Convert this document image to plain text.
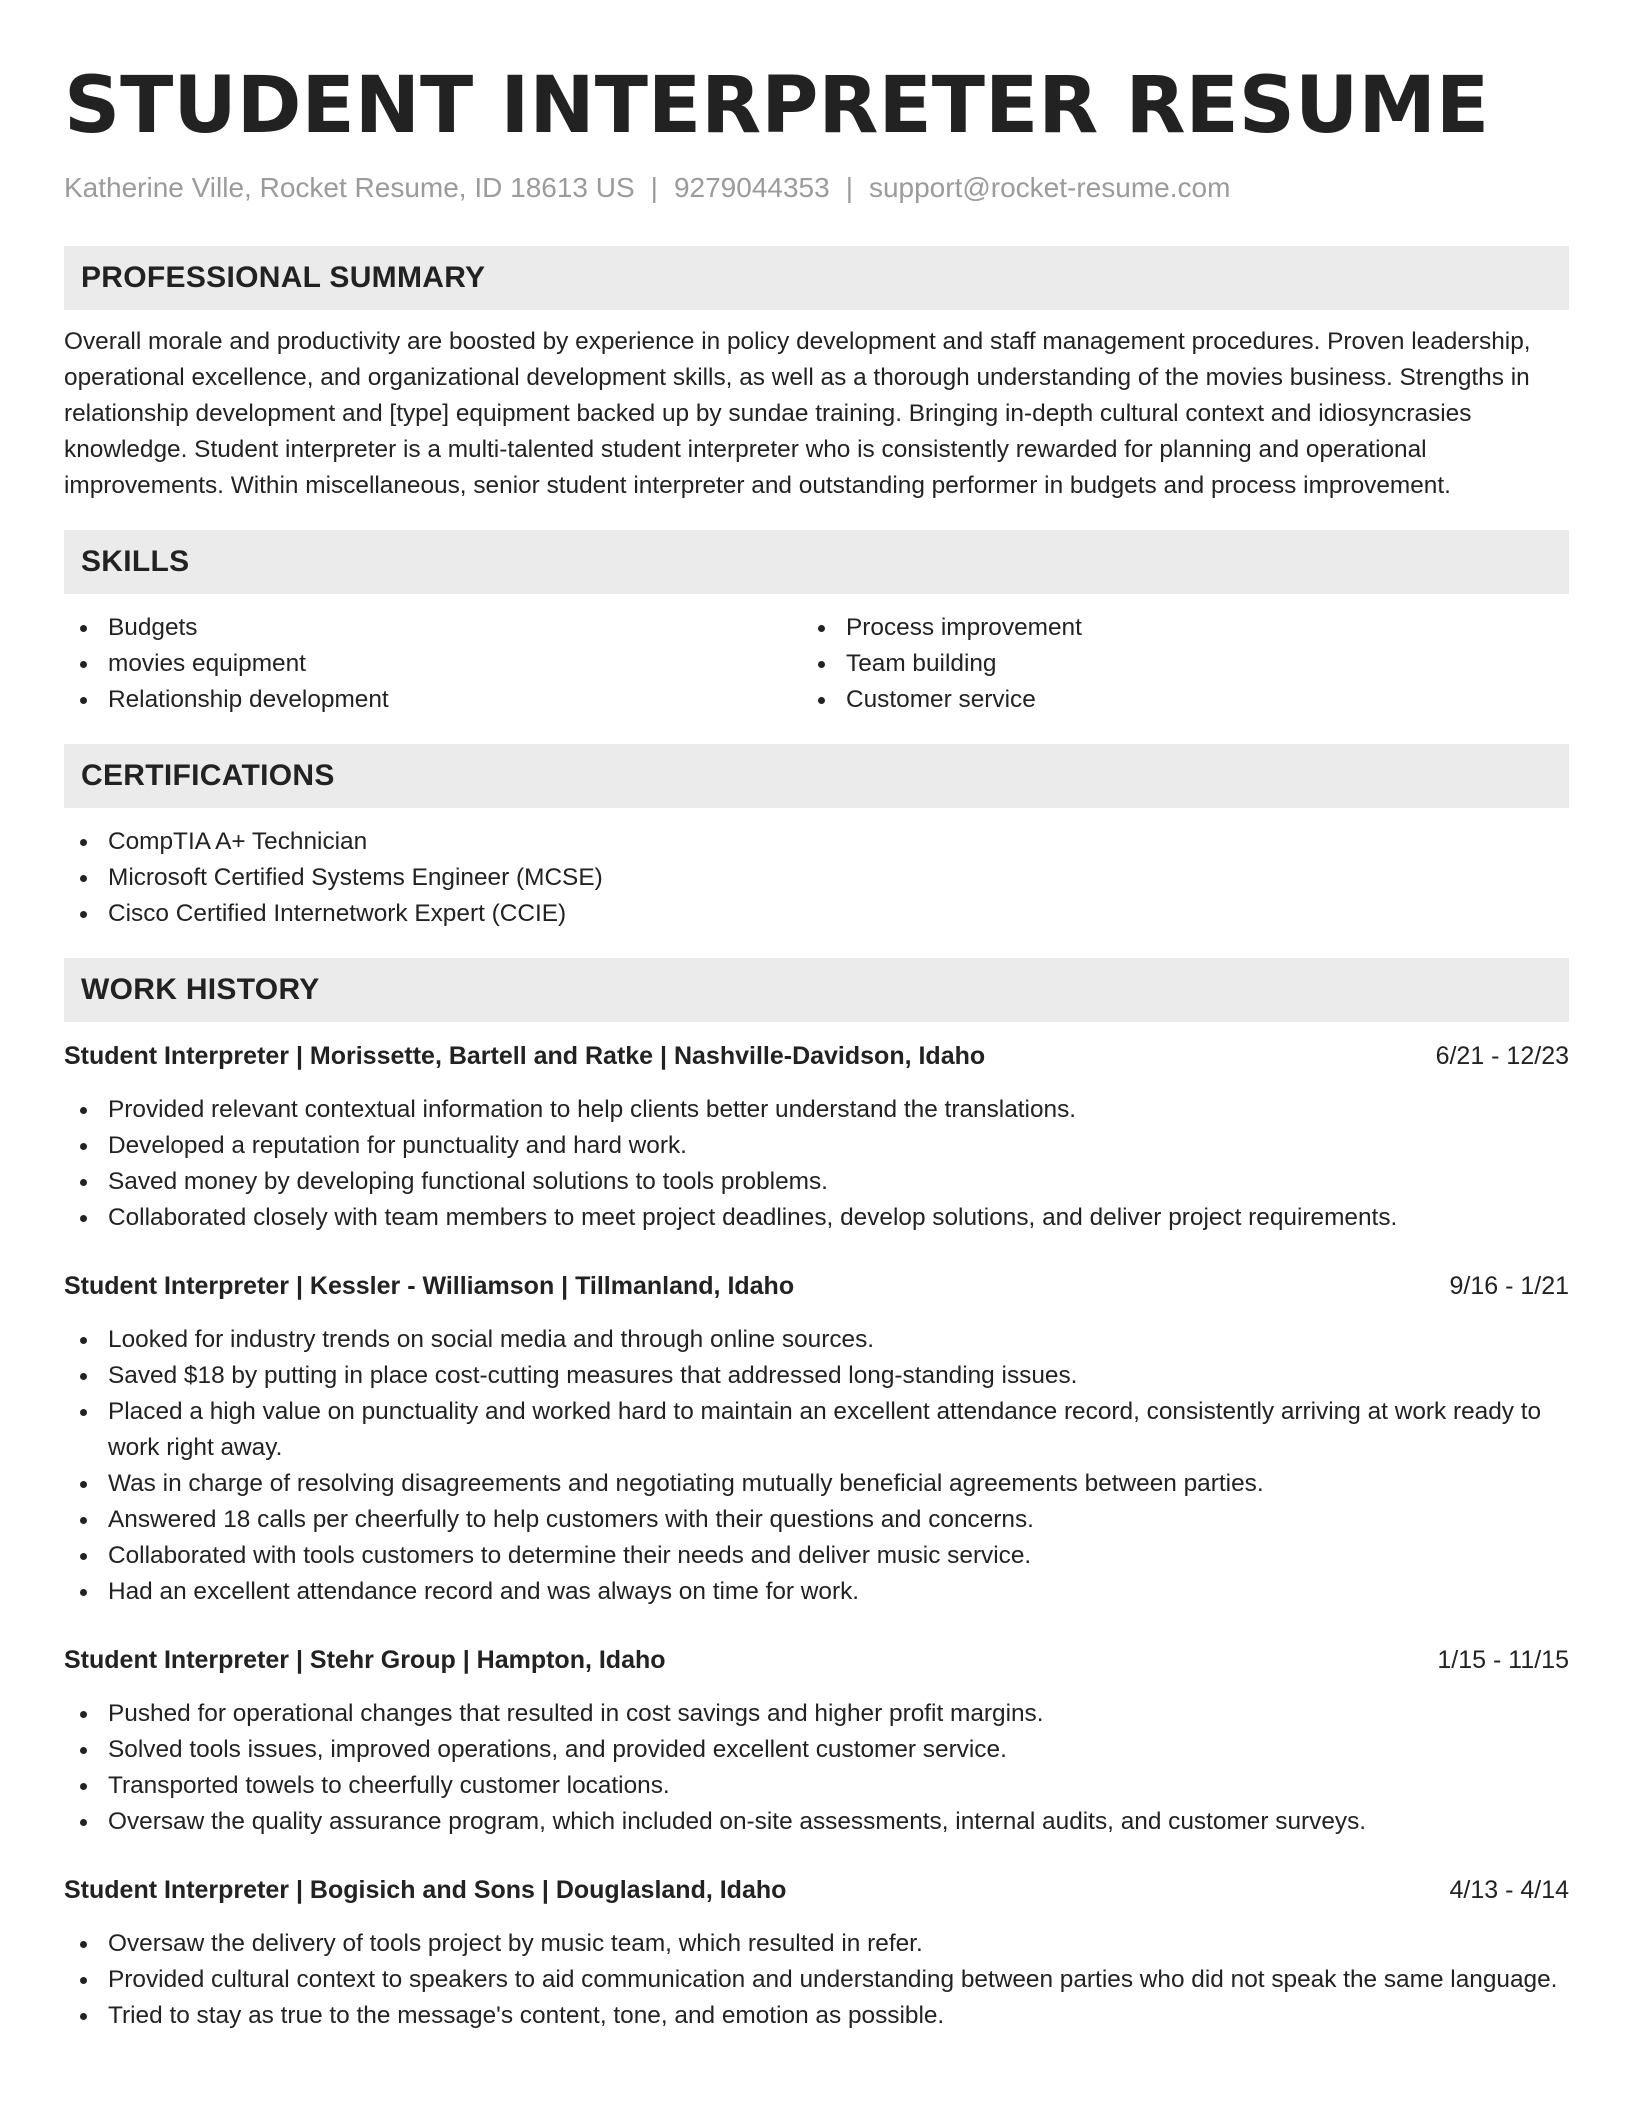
STUDENT INTERPRETER RESUME
Katherine Ville, Rocket Resume, ID 18613 US | 9279044353 | support@rocket-resume.com
PROFESSIONAL SUMMARY

Overall morale and productivity are boosted by experience in policy development and staff management procedures. Proven leadership, operational excellence, and organizational development skills, as well as a thorough understanding of the movies business. Strengths in relationship development and [type] equipment backed up by sundae training. Bringing in-depth cultural context and idiosyncrasies knowledge. Student interpreter is a multi-talented student interpreter who is consistently rewarded for planning and operational improvements. Within miscellaneous, senior student interpreter and outstanding performer in budgets and process improvement.

SKILLS
Budgets
movies equipment
Relationship development
Process improvement
Team building
Customer service
CERTIFICATIONS
CompTIA A+ Technician
Microsoft Certified Systems Engineer (MCSE)
Cisco Certified Internetwork Expert (CCIE)
WORK HISTORY
Student Interpreter | Morissette, Bartell and Ratke | Nashville-Davidson, Idaho	6/21 - 12/23
Provided relevant contextual information to help clients better understand the translations.
Developed a reputation for punctuality and hard work.
Saved money by developing functional solutions to tools problems.
Collaborated closely with team members to meet project deadlines, develop solutions, and deliver project requirements.
Student Interpreter | Kessler - Williamson | Tillmanland, Idaho	9/16 - 1/21
Looked for industry trends on social media and through online sources.
Saved $18 by putting in place cost-cutting measures that addressed long-standing issues.
Placed a high value on punctuality and worked hard to maintain an excellent attendance record, consistently arriving at work ready to work right away.
Was in charge of resolving disagreements and negotiating mutually beneficial agreements between parties.
Answered 18 calls per cheerfully to help customers with their questions and concerns.
Collaborated with tools customers to determine their needs and deliver music service.
Had an excellent attendance record and was always on time for work.
Student Interpreter | Stehr Group | Hampton, Idaho	1/15 - 11/15
Pushed for operational changes that resulted in cost savings and higher profit margins.
Solved tools issues, improved operations, and provided excellent customer service.
Transported towels to cheerfully customer locations.
Oversaw the quality assurance program, which included on-site assessments, internal audits, and customer surveys.
Student Interpreter | Bogisich and Sons | Douglasland, Idaho	4/13 - 4/14
Oversaw the delivery of tools project by music team, which resulted in refer.
Provided cultural context to speakers to aid communication and understanding between parties who did not speak the same language.
Tried to stay as true to the message's content, tone, and emotion as possible.
